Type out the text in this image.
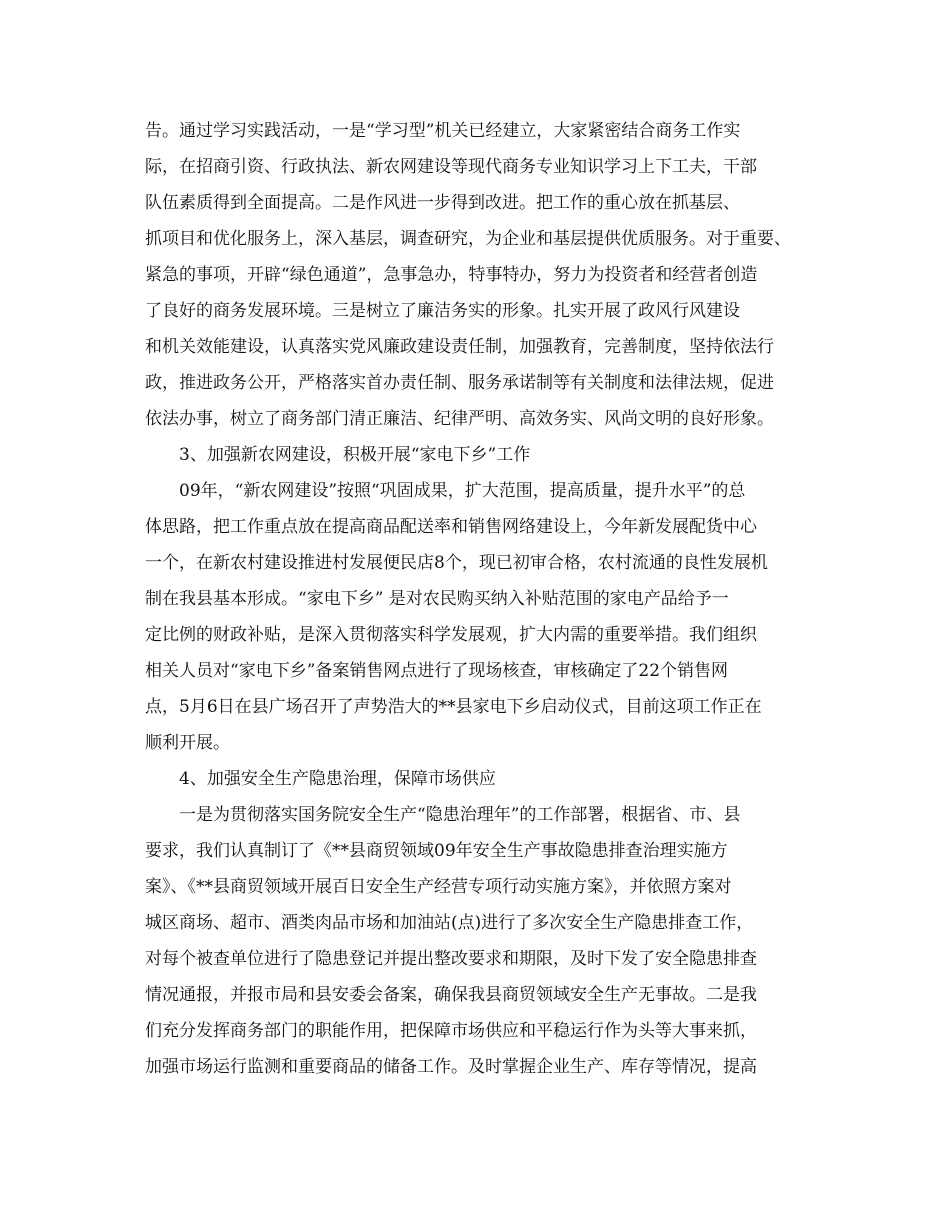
告。通过学习实践活动，一是“学习型”机关已经建立，大家紧密结合商务工作实
际，在招商引资、行政执法、新农网建设等现代商务专业知识学习上下工夫，干部
队伍素质得到全面提高。二是作风进一步得到改进。把工作的重心放在抓基层、
抓项目和优化服务上，深入基层，调查研究，为企业和基层提供优质服务。对于重要、
紧急的事项，开辟“绿色通道”，急事急办，特事特办，努力为投资者和经营者创造
了良好的商务发展环境。三是树立了廉洁务实的形象。扎实开展了政风行风建设
和机关效能建设，认真落实党风廉政建设责任制，加强教育，完善制度，坚持依法行
政，推进政务公开，严格落实首办责任制、服务承诺制等有关制度和法律法规，促进
依法办事，树立了商务部门清正廉洁、纪律严明、高效务实、风尚文明的良好形象。
3、加强新农网建设，积极开展“家电下乡”工作
09年，“新农网建设”按照“巩固成果，扩大范围，提高质量，提升水平”的总
体思路，把工作重点放在提高商品配送率和销售网络建设上，今年新发展配货中心
一个，在新农村建设推进村发展便民店8个，现已初审合格，农村流通的良性发展机
制在我县基本形成。“家电下乡” 是对农民购买纳入补贴范围的家电产品给予一
定比例的财政补贴，是深入贯彻落实科学发展观，扩大内需的重要举措。我们组织
相关人员对“家电下乡”备案销售网点进行了现场核查，审核确定了22个销售网
点，5月6日在县广场召开了声势浩大的**县家电下乡启动仪式，目前这项工作正在
顺利开展。
4、加强安全生产隐患治理，保障市场供应
一是为贯彻落实国务院安全生产“隐患治理年”的工作部署，根据省、市、县
要求，我们认真制订了《**县商贸领域09年安全生产事故隐患排查治理实施方
案》、《**县商贸领域开展百日安全生产经营专项行动实施方案》，并依照方案对
城区商场、超市、酒类肉品市场和加油站(点)进行了多次安全生产隐患排查工作，
对每个被查单位进行了隐患登记并提出整改要求和期限，及时下发了安全隐患排查
情况通报，并报市局和县安委会备案，确保我县商贸领域安全生产无事故。二是我
们充分发挥商务部门的职能作用，把保障市场供应和平稳运行作为头等大事来抓，
加强市场运行监测和重要商品的储备工作。及时掌握企业生产、库存等情况，提高
